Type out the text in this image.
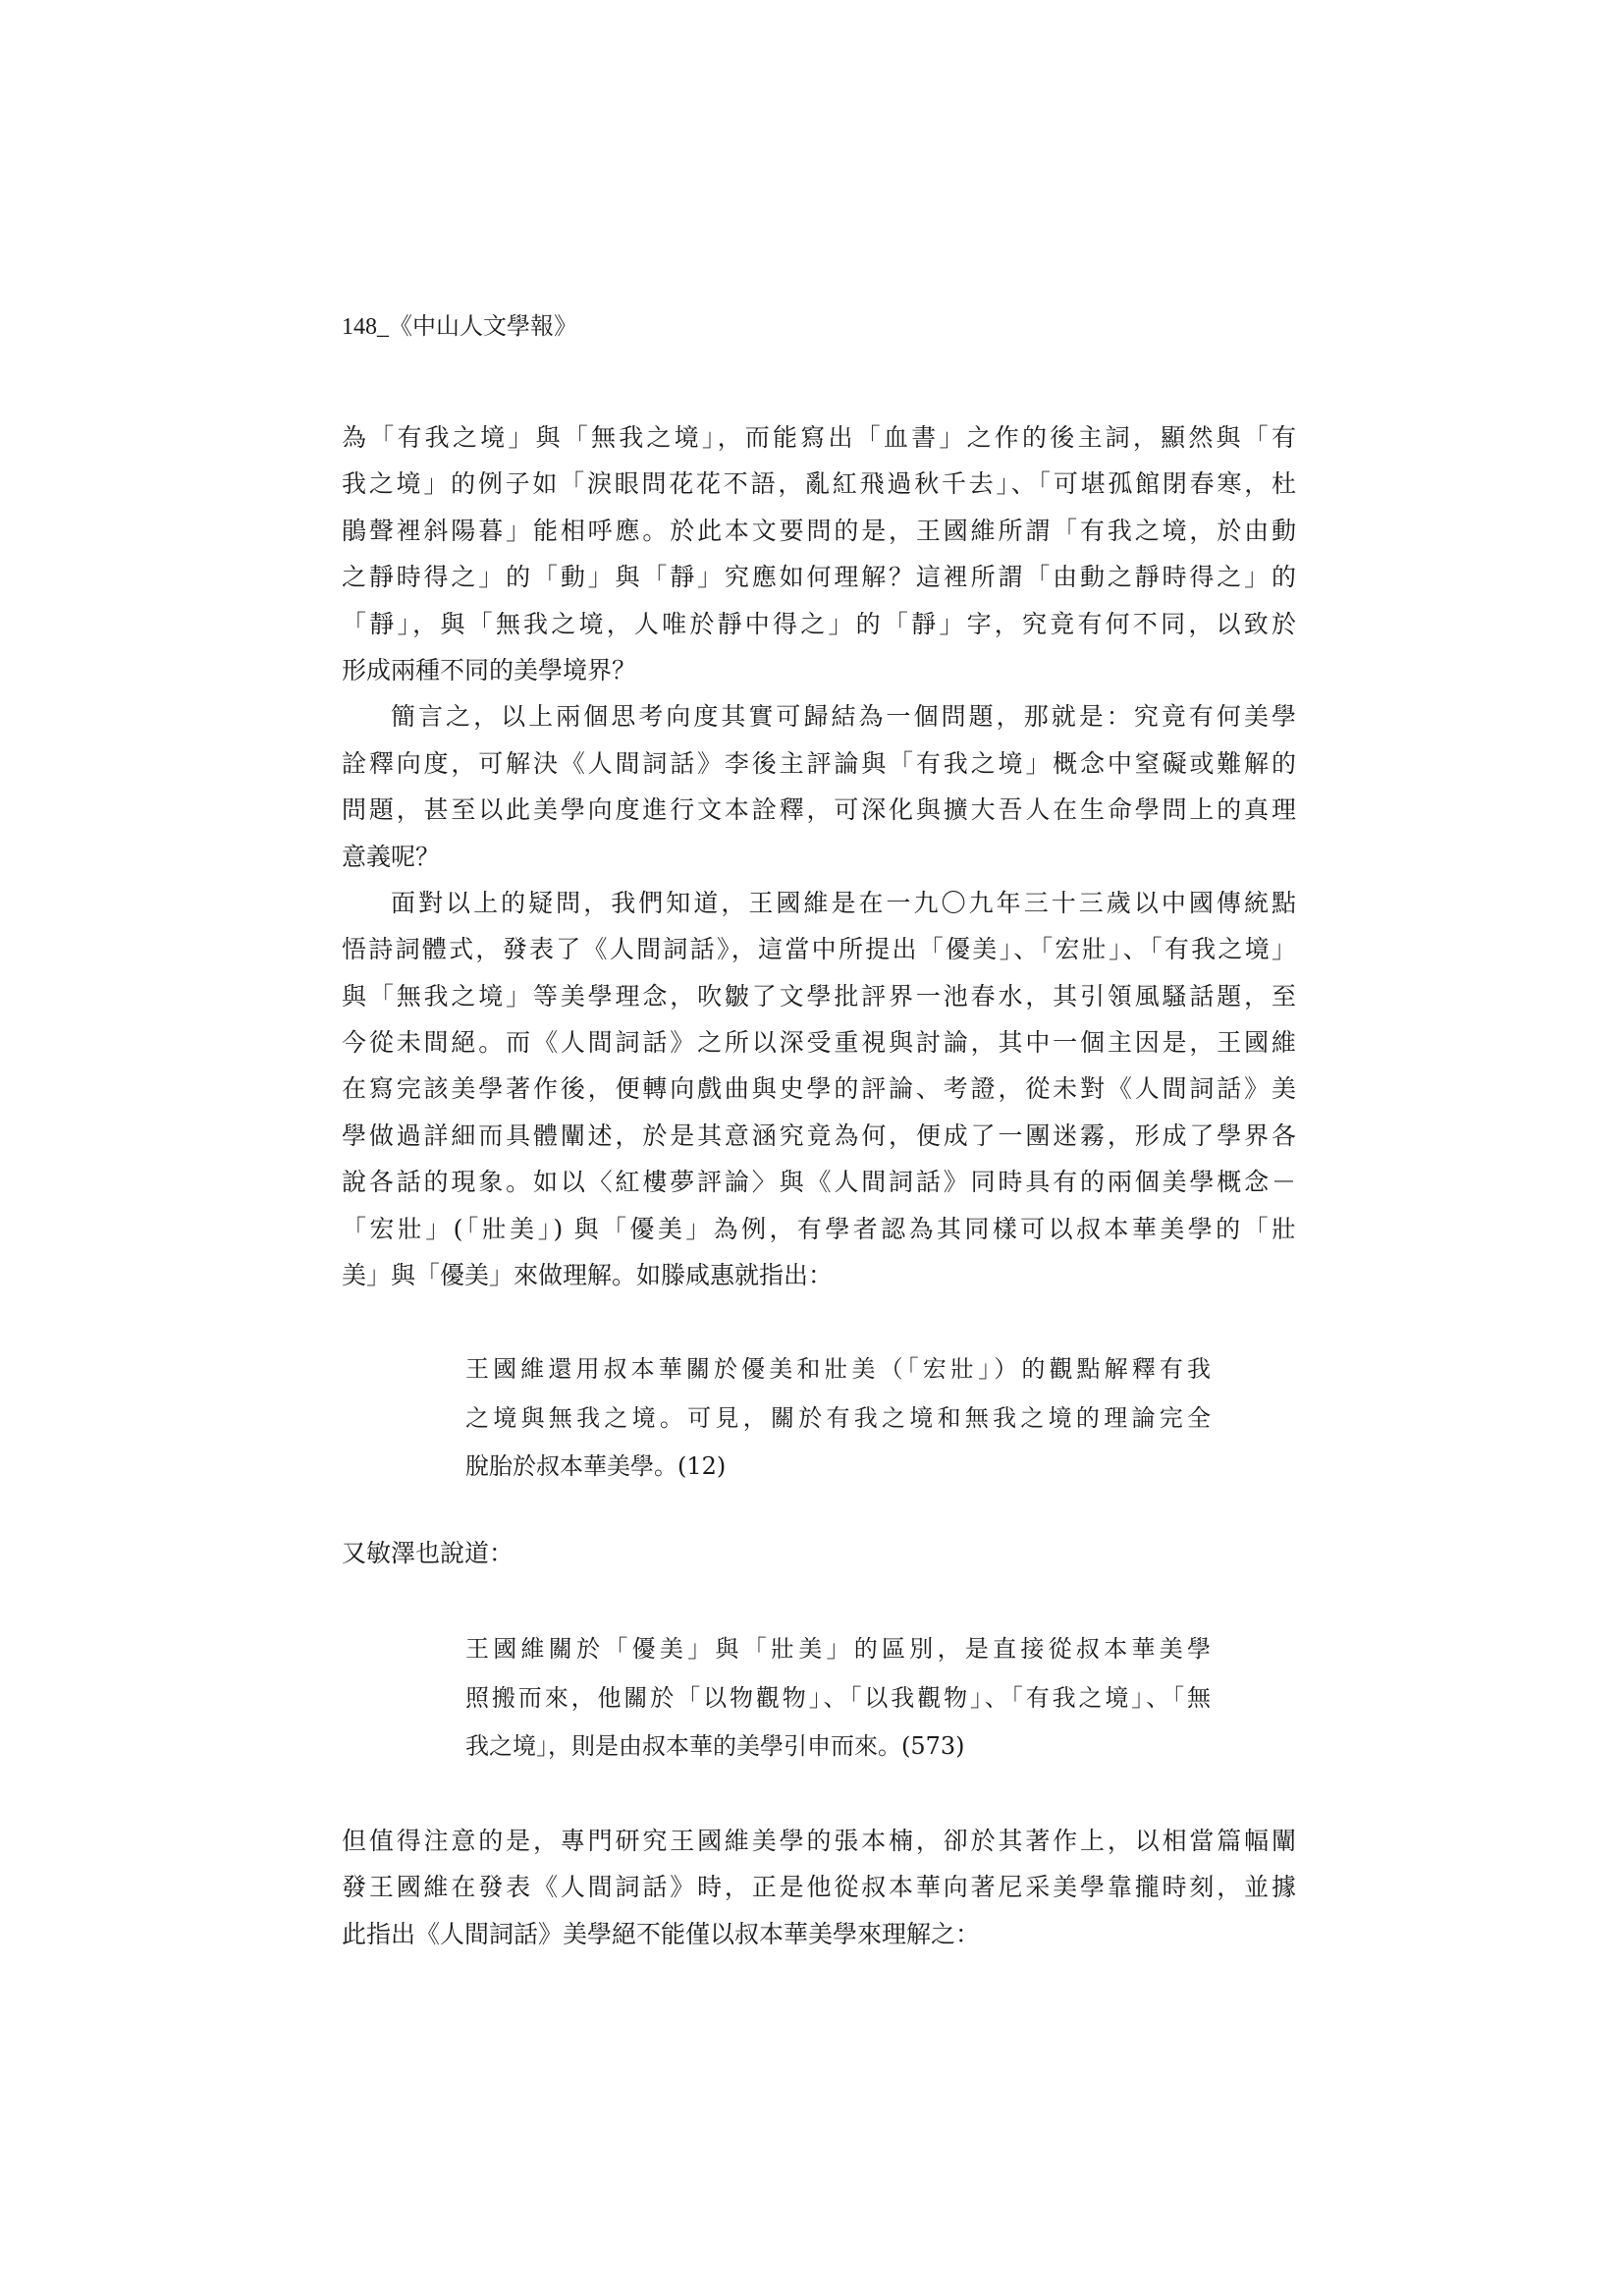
148_《中山人文學報》
為「有我之境」與「無我之境」，而能寫出「血書」之作的後主詞，顯然與「有
我之境」的例子如「淚眼問花花不語，亂紅飛過秋千去」、「可堪孤館閉春寒，杜
鵑聲裡斜陽暮」能相呼應。於此本文要問的是，王國維所謂「有我之境，於由動
之靜時得之」的「動」與「靜」究應如何理解？這裡所謂「由動之靜時得之」的
「靜」，與「無我之境，人唯於靜中得之」的「靜」字，究竟有何不同，以致於
形成兩種不同的美學境界？
簡言之，以上兩個思考向度其實可歸結為一個問題，那就是：究竟有何美學
詮釋向度，可解決《人間詞話》李後主評論與「有我之境」概念中窒礙或難解的
問題，甚至以此美學向度進行文本詮釋，可深化與擴大吾人在生命學問上的真理
意義呢？
面對以上的疑問，我們知道，王國維是在一九〇九年三十三歲以中國傳統點
悟詩詞體式，發表了《人間詞話》，這當中所提出「優美」、「宏壯」、「有我之境」
與「無我之境」等美學理念，吹皺了文學批評界一池春水，其引領風騷話題，至
今從未間絕。而《人間詞話》之所以深受重視與討論，其中一個主因是，王國維
在寫完該美學著作後，便轉向戲曲與史學的評論、考證，從未對《人間詞話》美
學做過詳細而具體闡述，於是其意涵究竟為何，便成了一團迷霧，形成了學界各
說各話的現象。如以〈紅樓夢評論〉與《人間詞話》同時具有的兩個美學概念－
「宏壯」(「壯美」) 與「優美」為例，有學者認為其同樣可以叔本華美學的「壯
美」與「優美」來做理解。如滕咸惠就指出：
王國維還用叔本華關於優美和壯美（「宏壯」）的觀點解釋有我
之境與無我之境。可見，關於有我之境和無我之境的理論完全
脫胎於叔本華美學。(12)
又敏澤也說道：
王國維關於「優美」與「壯美」的區別，是直接從叔本華美學
照搬而來，他關於「以物觀物」、「以我觀物」、「有我之境」、「無
我之境」，則是由叔本華的美學引申而來。(573)
但值得注意的是，專門研究王國維美學的張本楠，卻於其著作上，以相當篇幅闡
發王國維在發表《人間詞話》時，正是他從叔本華向著尼采美學靠攏時刻，並據
此指出《人間詞話》美學絕不能僅以叔本華美學來理解之：
